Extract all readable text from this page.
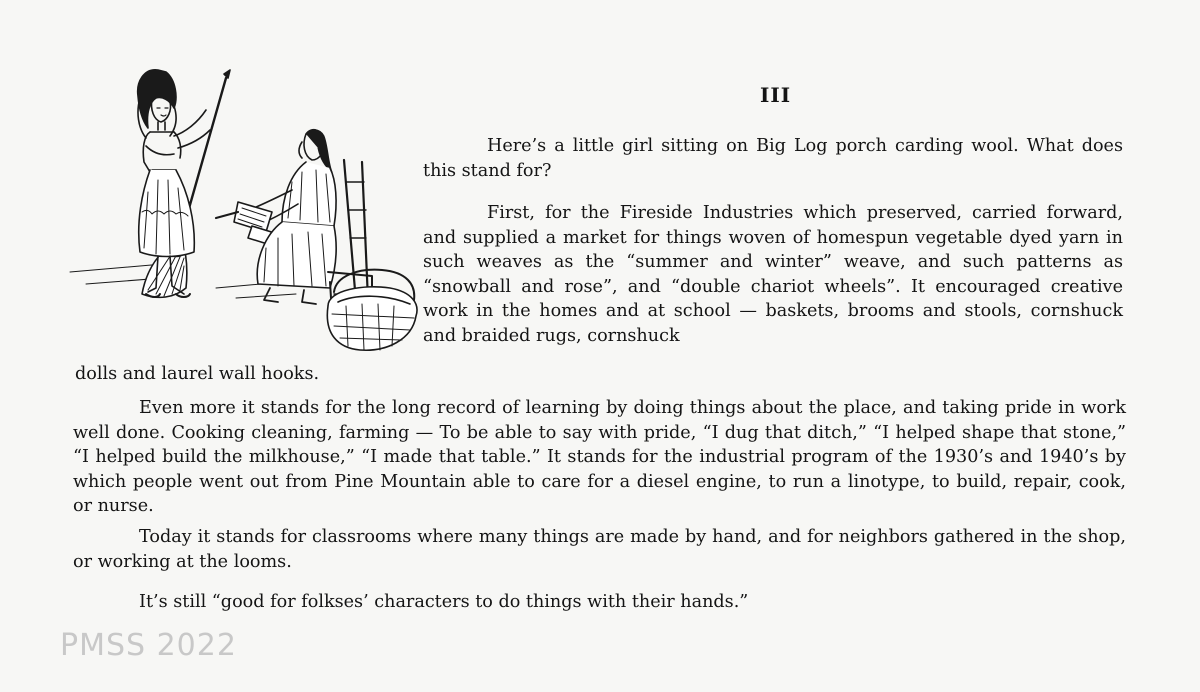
III

Here’s a little girl sitting on Big Log porch carding wool. What does this stand for?

First, for the Fireside Industries which preserved, carried forward, and supplied a market for things woven of homespun vegetable dyed yarn in such weaves as the “summer and winter” weave, and such patterns as “snowball and rose”, and “double chariot wheels”. It encouraged creative work in the homes and at school — baskets, brooms and stools, cornshuck and braided rugs, cornshuck

dolls and laurel wall hooks.

Even more it stands for the long record of learning by doing things about the place, and taking pride in work well done. Cooking cleaning, farming — To be able to say with pride, “I dug that ditch,” “I helped shape that stone,” “I helped build the milkhouse,” “I made that table.” It stands for the industrial program of the 1930’s and 1940’s by which people went out from Pine Mountain able to care for a diesel engine, to run a linotype, to build, repair, cook, or nurse.

Today it stands for classrooms where many things are made by hand, and for neighbors gathered in the shop, or working at the looms.

It’s still “good for folkses’ characters to do things with their hands.”

PMSS 2022
